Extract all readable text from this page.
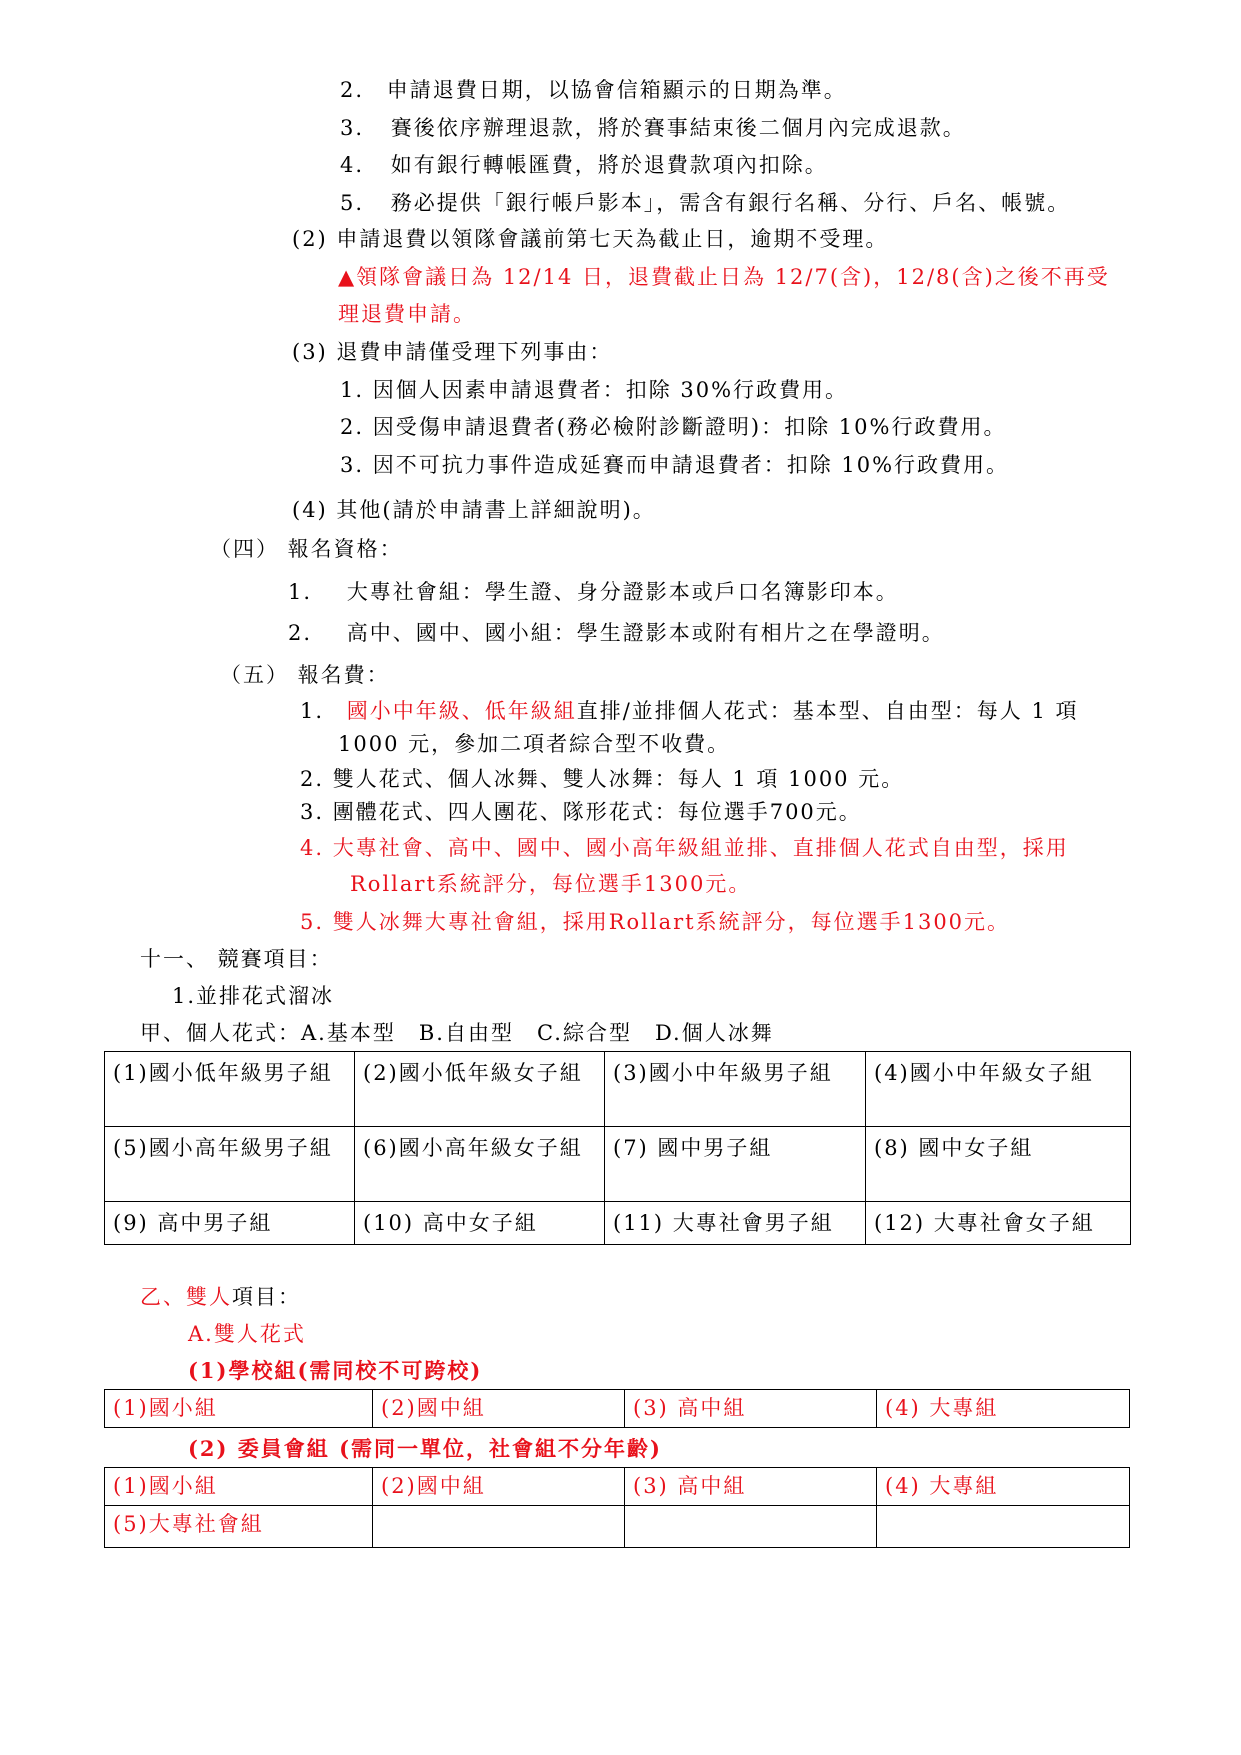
2. 申請退費日期，以協會信箱顯示的日期為準。
3. 賽後依序辦理退款，將於賽事結束後二個月內完成退款。
4. 如有銀行轉帳匯費，將於退費款項內扣除。
5. 務必提供「銀行帳戶影本」，需含有銀行名稱、分行、戶名、帳號。
(2) 申請退費以領隊會議前第七天為截止日，逾期不受理。
▲領隊會議日為 12/14 日，退費截止日為 12/7(含)，12/8(含)之後不再受
理退費申請。
(3) 退費申請僅受理下列事由：
1. 因個人因素申請退費者：扣除 30%行政費用。
2. 因受傷申請退費者(務必檢附診斷證明)：扣除 10%行政費用。
3. 因不可抗力事件造成延賽而申請退費者：扣除 10%行政費用。
(4) 其他(請於申請書上詳細說明)。
（四） 報名資格：
1. 大專社會組：學生證、身分證影本或戶口名簿影印本。
2. 高中、國中、國小組：學生證影本或附有相片之在學證明。
（五） 報名費：
1. 國小中年級、低年級組直排/並排個人花式：基本型、自由型：每人 1 項
1000 元，參加二項者綜合型不收費。
2. 雙人花式、個人冰舞、雙人冰舞：每人 1 項 1000 元。
3. 團體花式、四人團花、隊形花式：每位選手700元。
4. 大專社會、高中、國中、國小高年級組並排、直排個人花式自由型，採用
Rollart系統評分，每位選手1300元。
5. 雙人冰舞大專社會組，採用Rollart系統評分，每位選手1300元。
十一、 競賽項目：
1.並排花式溜冰
甲、個人花式：A.基本型　B.自由型　C.綜合型　D.個人冰舞
(1)國小低年級男子組	(2)國小低年級女子組	(3)國小中年級男子組	(4)國小中年級女子組
(5)國小高年級男子組	(6)國小高年級女子組	(7) 國中男子組	(8) 國中女子組
(9) 高中男子組	(10) 高中女子組	(11) 大專社會男子組	(12) 大專社會女子組
乙、雙人項目：
A.雙人花式
(1)學校組(需同校不可跨校)
(1)國小組	(2)國中組	(3) 高中組	(4) 大專組
(2) 委員會組 (需同一單位，社會組不分年齡)
(1)國小組	(2)國中組	(3) 高中組	(4) 大專組
(5)大專社會組			
